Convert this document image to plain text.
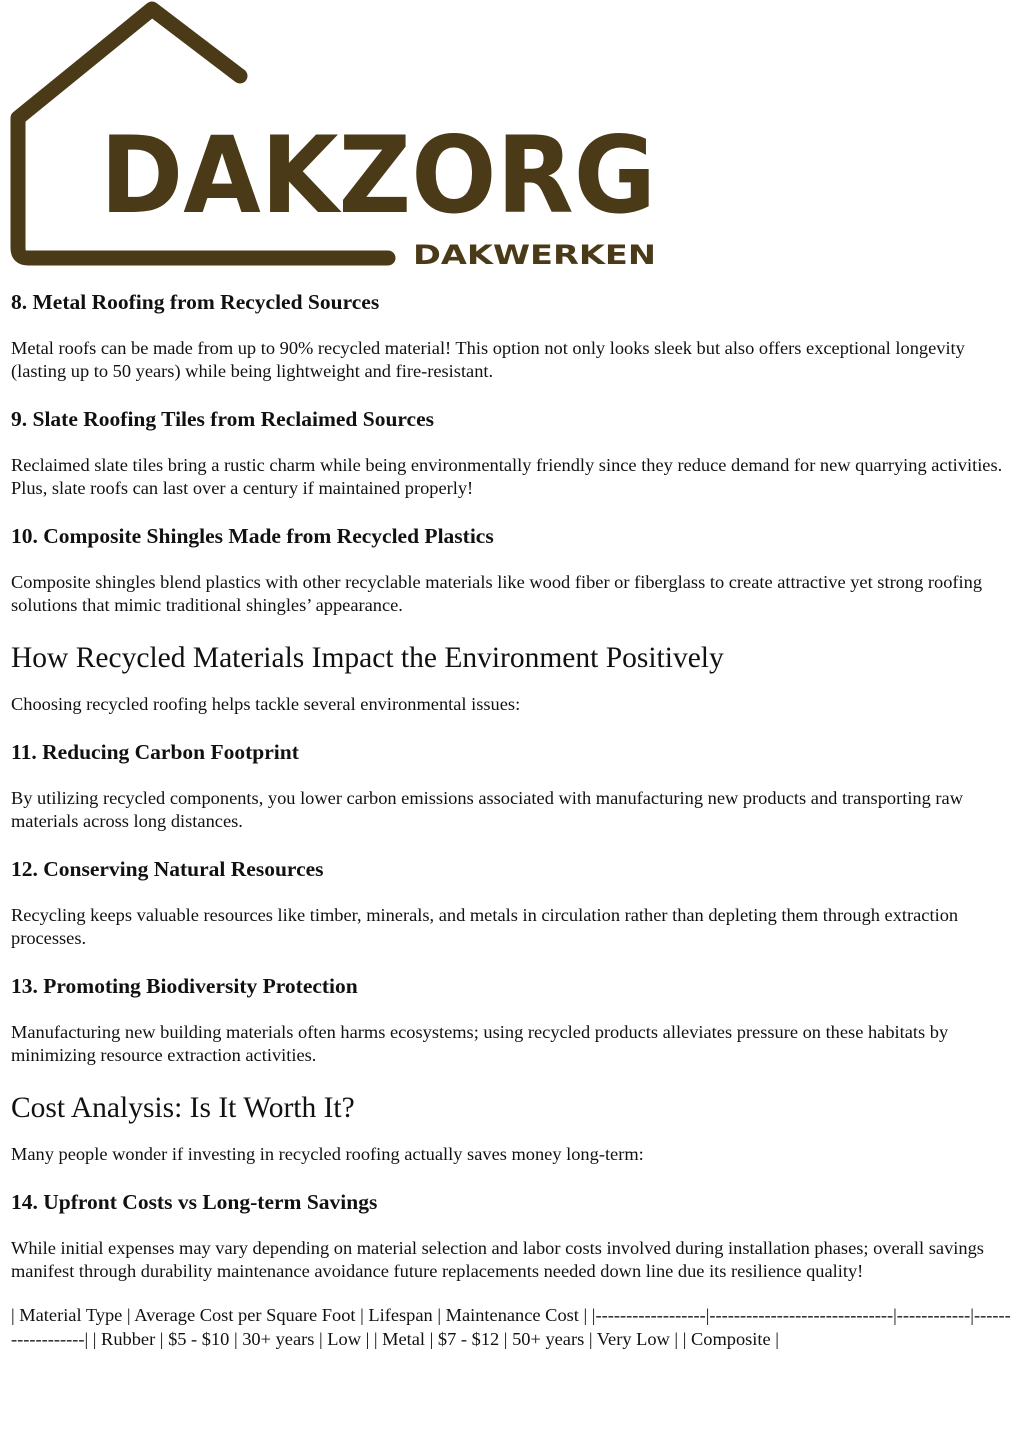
DAKZORG
DAKWERKEN
8. Metal Roofing from Recycled Sources

Metal roofs can be made from up to 90% recycled material! This option not only looks sleek but also offers exceptional longevity (lasting up to 50 years) while being lightweight and fire-resistant.

9. Slate Roofing Tiles from Reclaimed Sources

Reclaimed slate tiles bring a rustic charm while being environmentally friendly since they reduce demand for new quarrying activities. Plus, slate roofs can last over a century if maintained properly!

10. Composite Shingles Made from Recycled Plastics

Composite shingles blend plastics with other recyclable materials like wood fiber or fiberglass to create attractive yet strong roofing solutions that mimic traditional shingles’ appearance.

How Recycled Materials Impact the Environment Positively

Choosing recycled roofing helps tackle several environmental issues:

11. Reducing Carbon Footprint

By utilizing recycled components, you lower carbon emissions associated with manufacturing new products and transporting raw materials across long distances.

12. Conserving Natural Resources

Recycling keeps valuable resources like timber, minerals, and metals in circulation rather than depleting them through extraction processes.

13. Promoting Biodiversity Protection

Manufacturing new building materials often harms ecosystems; using recycled products alleviates pressure on these habitats by minimizing resource extraction activities.

Cost Analysis: Is It Worth It?

Many people wonder if investing in recycled roofing actually saves money long-term:

14. Upfront Costs vs Long-term Savings

While initial expenses may vary depending on material selection and labor costs involved during installation phases; overall savings manifest through durability maintenance avoidance future replacements needed down line due its resilience quality!

| Material Type | Average Cost per Square Foot | Lifespan | Maintenance Cost | |------------------|------------------------------|------------|------------------| | Rubber | $5 - $10 | 30+ years | Low | | Metal | $7 - $12 | 50+ years | Very Low | | Composite |
